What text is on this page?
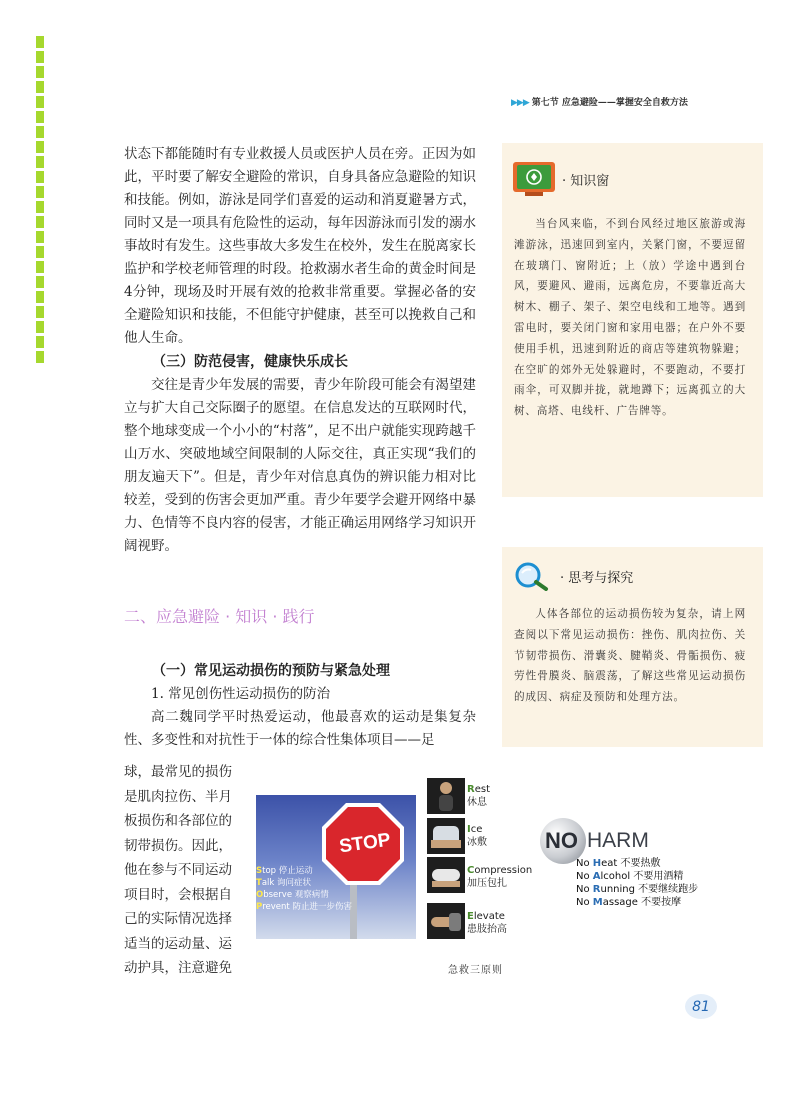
▶▶▶ 第七节 应急避险——掌握安全自救方法

状态下都能随时有专业救援人员或医护人员在旁。正因为如此，平时要了解安全避险的常识，自身具备应急避险的知识和技能。例如，游泳是同学们喜爱的运动和消夏避暑方式，同时又是一项具有危险性的运动，每年因游泳而引发的溺水事故时有发生。这些事故大多发生在校外，发生在脱离家长监护和学校老师管理的时段。抢救溺水者生命的黄金时间是4分钟，现场及时开展有效的抢救非常重要。掌握必备的安全避险知识和技能，不但能守护健康，甚至可以挽救自己和他人生命。

（三）防范侵害，健康快乐成长

交往是青少年发展的需要，青少年阶段可能会有渴望建立与扩大自己交际圈子的愿望。在信息发达的互联网时代，整个地球变成一个小小的“村落”，足不出户就能实现跨越千山万水、突破地域空间限制的人际交往，真正实现“我们的朋友遍天下”。但是，青少年对信息真伪的辨识能力相对比较差，受到的伤害会更加严重。青少年要学会避开网络中暴力、色情等不良内容的侵害，才能正确运用网络学习知识开阔视野。

二、应急避险 · 知识 · 践行

（一）常见运动损伤的预防与紧急处理

1. 常见创伤性运动损伤的防治

高二魏同学平时热爱运动，他最喜欢的运动是集复杂性、多变性和对抗性于一体的综合性集体项目——足

球，最常见的损伤
是肌肉拉伤、半月
板损伤和各部位的
韧带损伤。因此，
他在参与不同运动
项目时，会根据自
己的实际情况选择
适当的运动量、运
动护具，注意避免
· 知识窗
当台风来临，不到台风经过地区旅游或海滩游泳，迅速回到室内，关紧门窗，不要逗留在玻璃门、窗附近；上（放）学途中遇到台风，要避风、避雨，远离危房，不要靠近高大树木、棚子、架子、架空电线和工地等。遇到雷电时，要关闭门窗和家用电器；在户外不要使用手机，迅速到附近的商店等建筑物躲避；在空旷的郊外无处躲避时，不要跑动，不要打雨伞，可双脚并拢，就地蹲下；远离孤立的大树、高塔、电线杆、广告牌等。
· 思考与探究
人体各部位的运动损伤较为复杂，请上网查阅以下常见运动损伤：挫伤、肌肉拉伤、关节韧带损伤、滑囊炎、腱鞘炎、骨骺损伤、疲劳性骨膜炎、脑震荡，了解这些常见运动损伤的成因、病症及预防和处理方法。
STOP
Stop 停止运动
Talk 询问症状
Observe 观察病情
Prevent 防止进一步伤害
Rest
休息
Ice
冰敷
Compression
加压包扎
Elevate
患肢抬高
NO HARM
No Heat 不要热敷
No Alcohol 不要用酒精
No Running 不要继续跑步
No Massage 不要按摩
急救三原则
81
